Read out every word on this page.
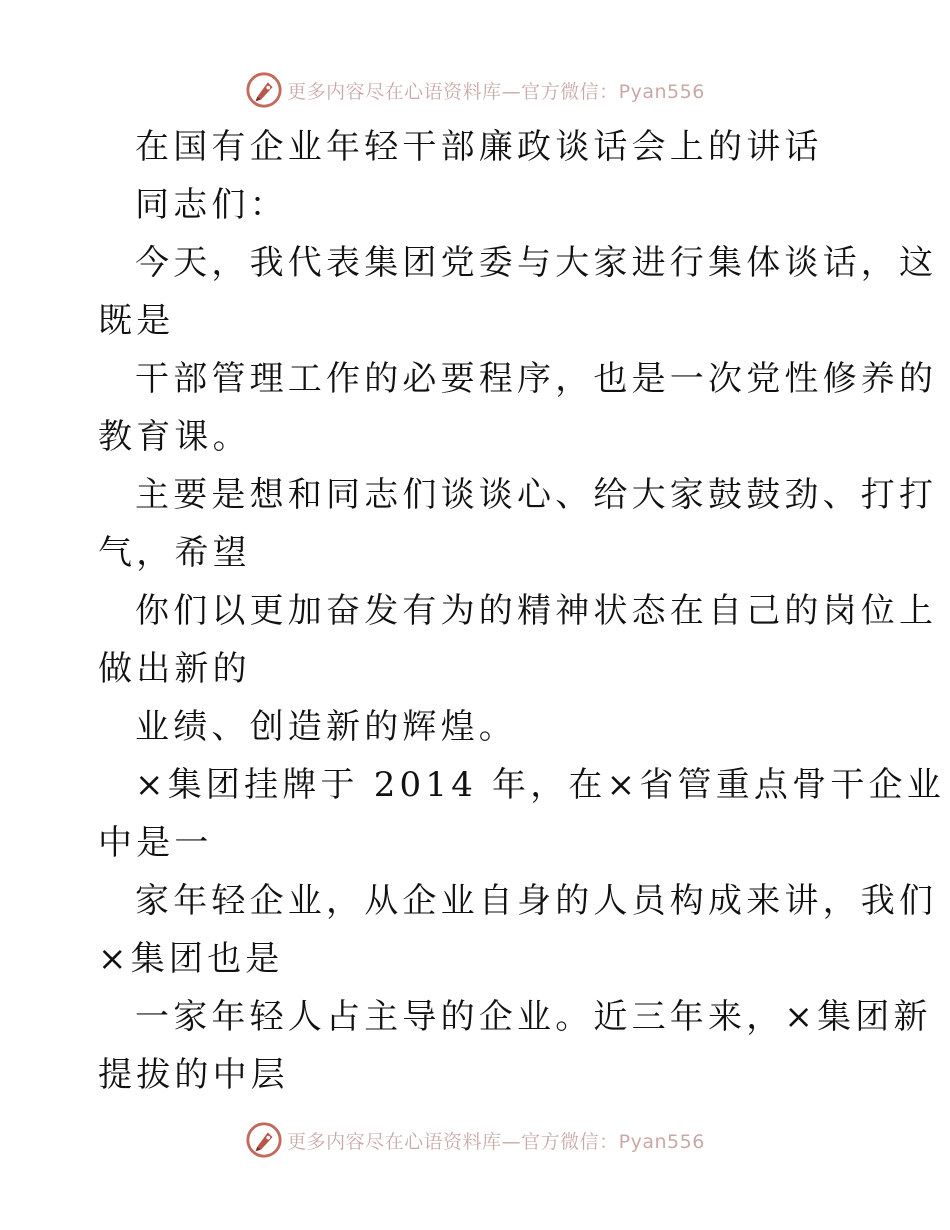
更多内容尽在心语资料库—官方微信：Pyan556
在国有企业年轻干部廉政谈话会上的讲话
同志们：
今天，我代表集团党委与大家进行集体谈话，这
既是
干部管理工作的必要程序，也是一次党性修养的
教育课。
主要是想和同志们谈谈心、给大家鼓鼓劲、打打
气，希望
你们以更加奋发有为的精神状态在自己的岗位上
做出新的
业绩、创造新的辉煌。
×集团挂牌于 2014 年，在×省管重点骨干企业
中是一
家年轻企业，从企业自身的人员构成来讲，我们
×集团也是
一家年轻人占主导的企业。近三年来，×集团新
提拔的中层
更多内容尽在心语资料库—官方微信：Pyan556
